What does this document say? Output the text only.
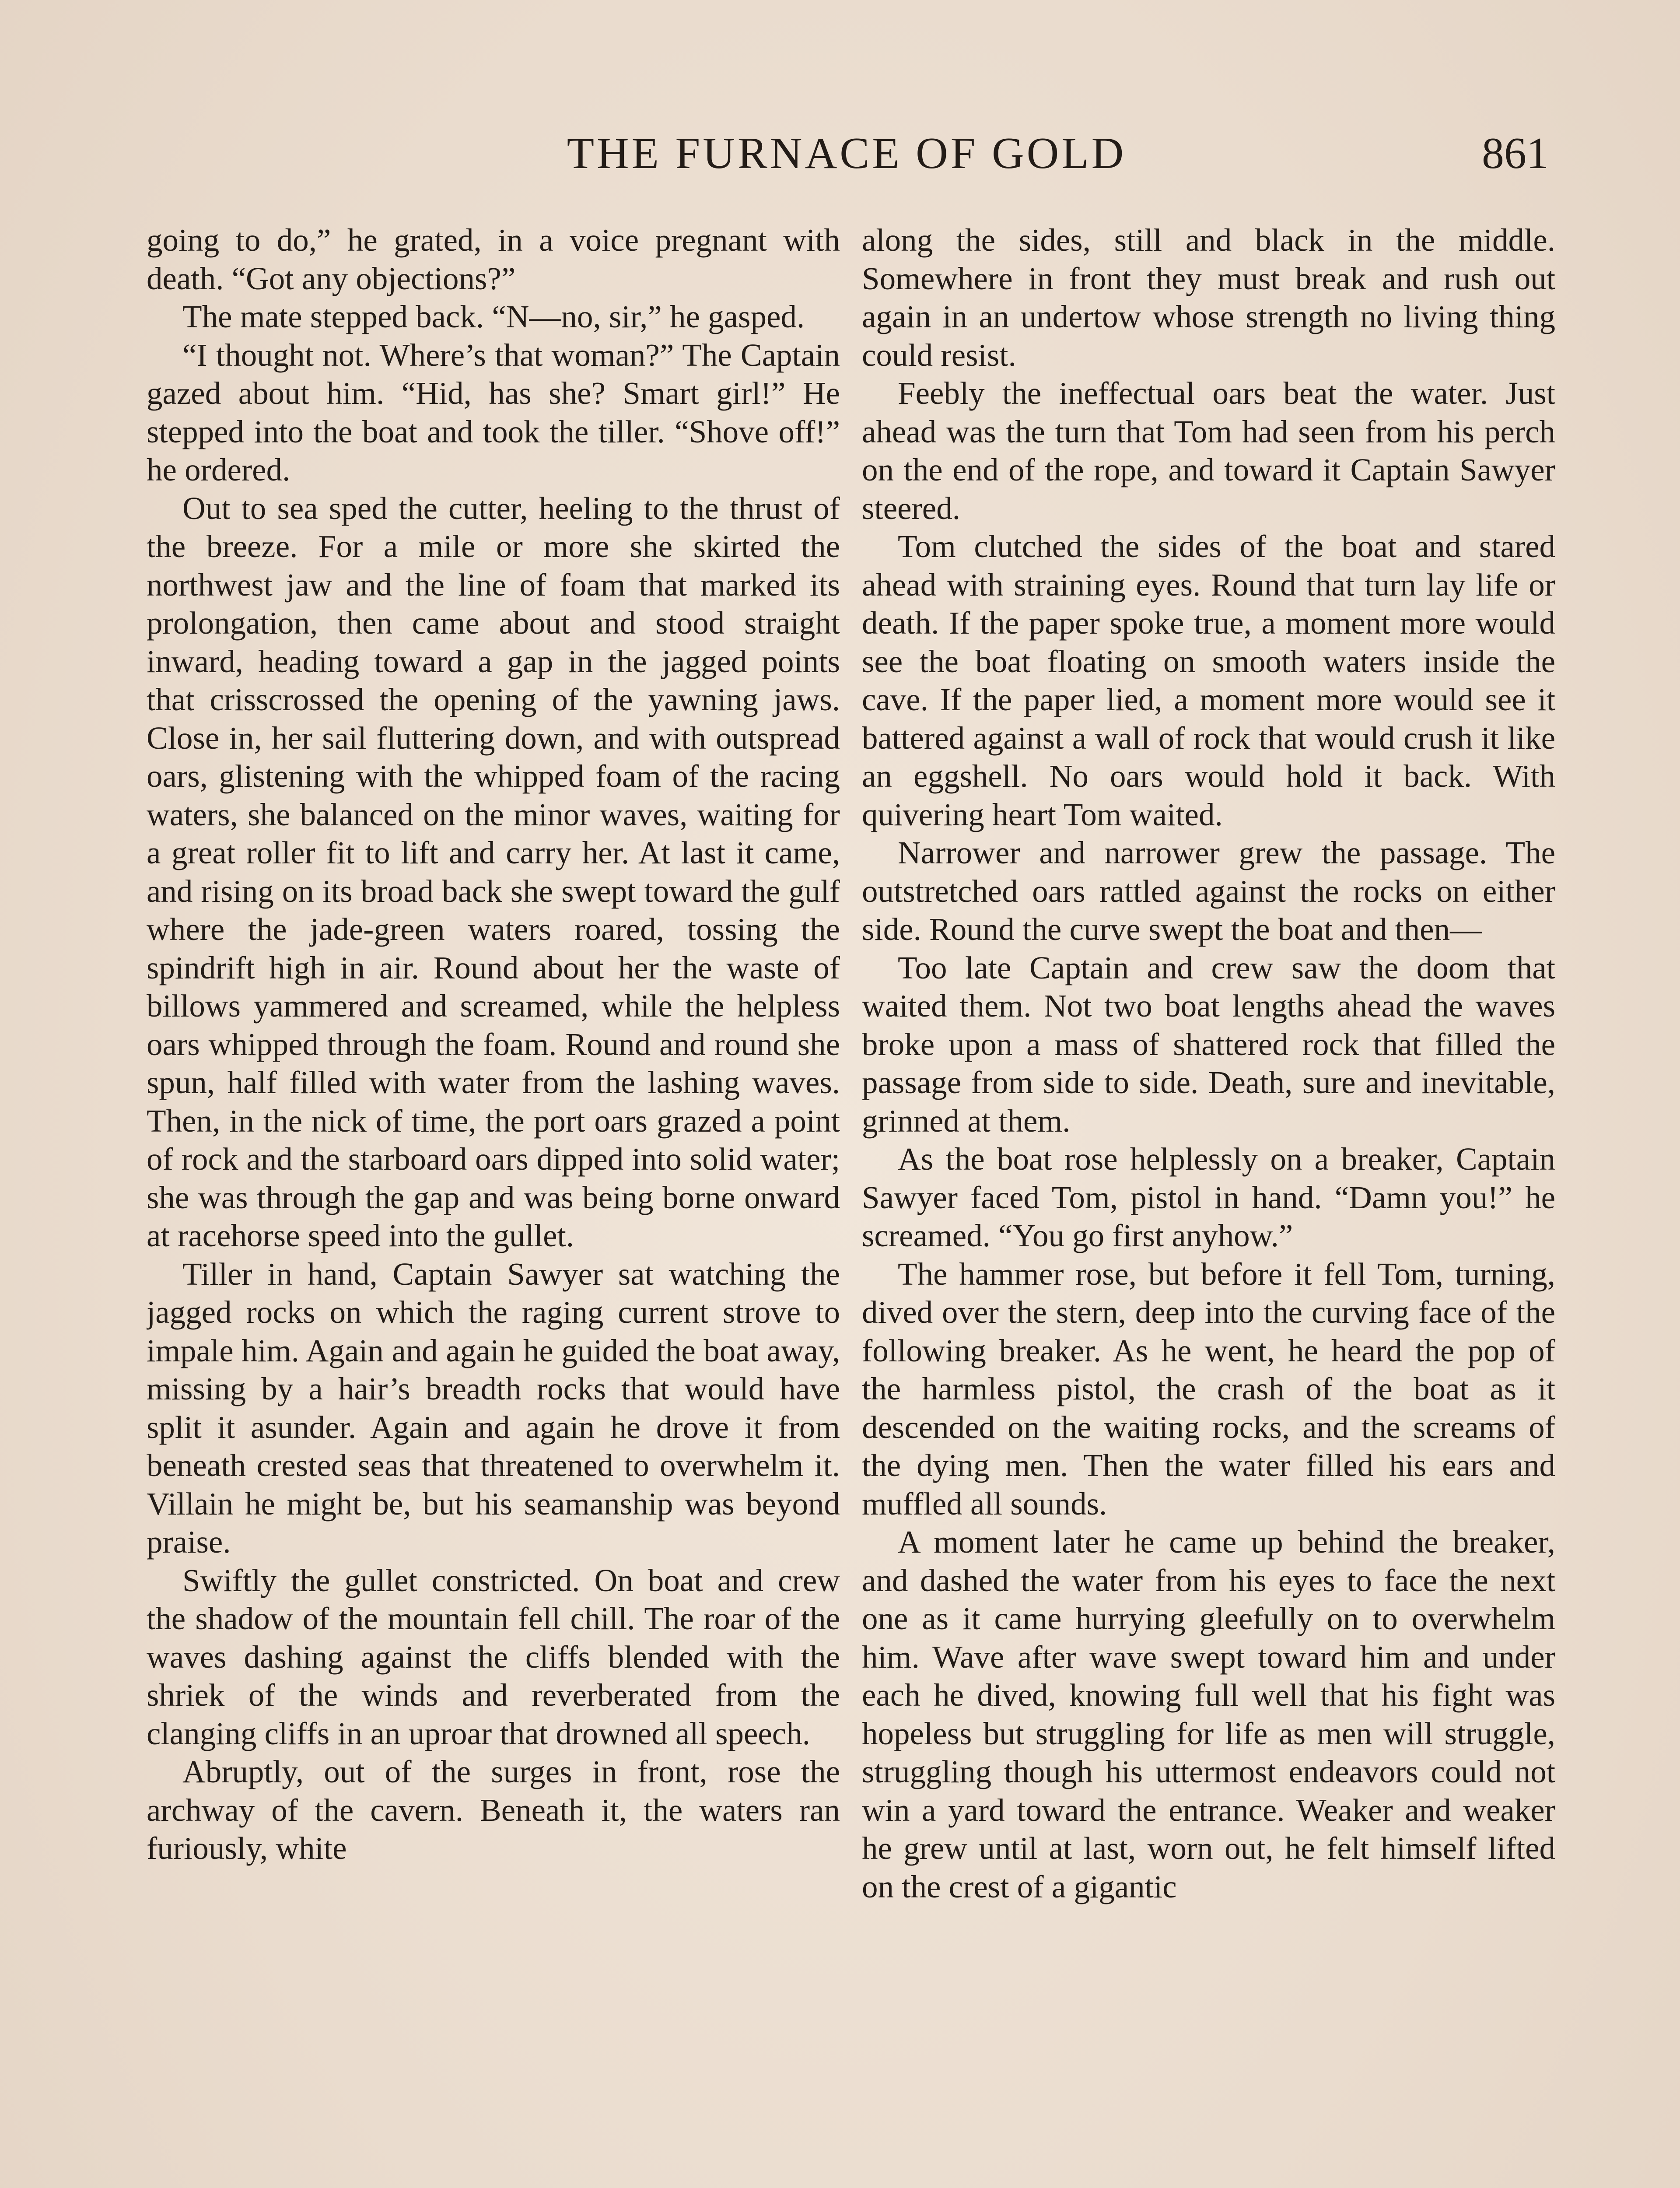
THE FURNACE OF GOLD	861

going to do,” he grated, in a voice pregnant with death. “Got any objections?”

The mate stepped back. “N—no, sir,” he gasped.

“I thought not. Where’s that woman?” The Captain gazed about him. “Hid, has she? Smart girl!” He stepped into the boat and took the tiller. “Shove off!” he ordered.

Out to sea sped the cutter, heeling to the thrust of the breeze. For a mile or more she skirted the northwest jaw and the line of foam that marked its prolongation, then came about and stood straight inward, heading toward a gap in the jagged points that crisscrossed the opening of the yawning jaws. Close in, her sail fluttering down, and with outspread oars, glistening with the whipped foam of the racing waters, she balanced on the minor waves, waiting for a great roller fit to lift and carry her. At last it came, and rising on its broad back she swept toward the gulf where the jade-green waters roared, tossing the spindrift high in air. Round about her the waste of billows yammered and screamed, while the helpless oars whipped through the foam. Round and round she spun, half filled with water from the lashing waves. Then, in the nick of time, the port oars grazed a point of rock and the starboard oars dipped into solid water; she was through the gap and was being borne onward at racehorse speed into the gullet.

Tiller in hand, Captain Sawyer sat watching the jagged rocks on which the raging current strove to impale him. Again and again he guided the boat away, missing by a hair’s breadth rocks that would have split it asunder. Again and again he drove it from beneath crested seas that threatened to overwhelm it. Villain he might be, but his seamanship was beyond praise.

Swiftly the gullet constricted. On boat and crew the shadow of the mountain fell chill. The roar of the waves dashing against the cliffs blended with the shriek of the winds and reverberated from the clanging cliffs in an uproar that drowned all speech.

Abruptly, out of the surges in front, rose the archway of the cavern. Beneath it, the waters ran furiously, white

along the sides, still and black in the middle. Somewhere in front they must break and rush out again in an undertow whose strength no living thing could resist.

Feebly the ineffectual oars beat the water. Just ahead was the turn that Tom had seen from his perch on the end of the rope, and toward it Captain Sawyer steered.

Tom clutched the sides of the boat and stared ahead with straining eyes. Round that turn lay life or death. If the paper spoke true, a moment more would see the boat floating on smooth waters inside the cave. If the paper lied, a moment more would see it battered against a wall of rock that would crush it like an eggshell. No oars would hold it back. With quivering heart Tom waited.

Narrower and narrower grew the passage. The outstretched oars rattled against the rocks on either side. Round the curve swept the boat and then—

Too late Captain and crew saw the doom that waited them. Not two boat lengths ahead the waves broke upon a mass of shattered rock that filled the passage from side to side. Death, sure and inevitable, grinned at them.

As the boat rose helplessly on a breaker, Captain Sawyer faced Tom, pistol in hand. “Damn you!” he screamed. “You go first anyhow.”

The hammer rose, but before it fell Tom, turning, dived over the stern, deep into the curving face of the following breaker. As he went, he heard the pop of the harmless pistol, the crash of the boat as it descended on the waiting rocks, and the screams of the dying men. Then the water filled his ears and muffled all sounds.

A moment later he came up behind the breaker, and dashed the water from his eyes to face the next one as it came hurrying gleefully on to overwhelm him. Wave after wave swept toward him and under each he dived, knowing full well that his fight was hopeless but struggling for life as men will struggle, struggling though his uttermost endeavors could not win a yard toward the entrance. Weaker and weaker he grew until at last, worn out, he felt himself lifted on the crest of a gigantic
